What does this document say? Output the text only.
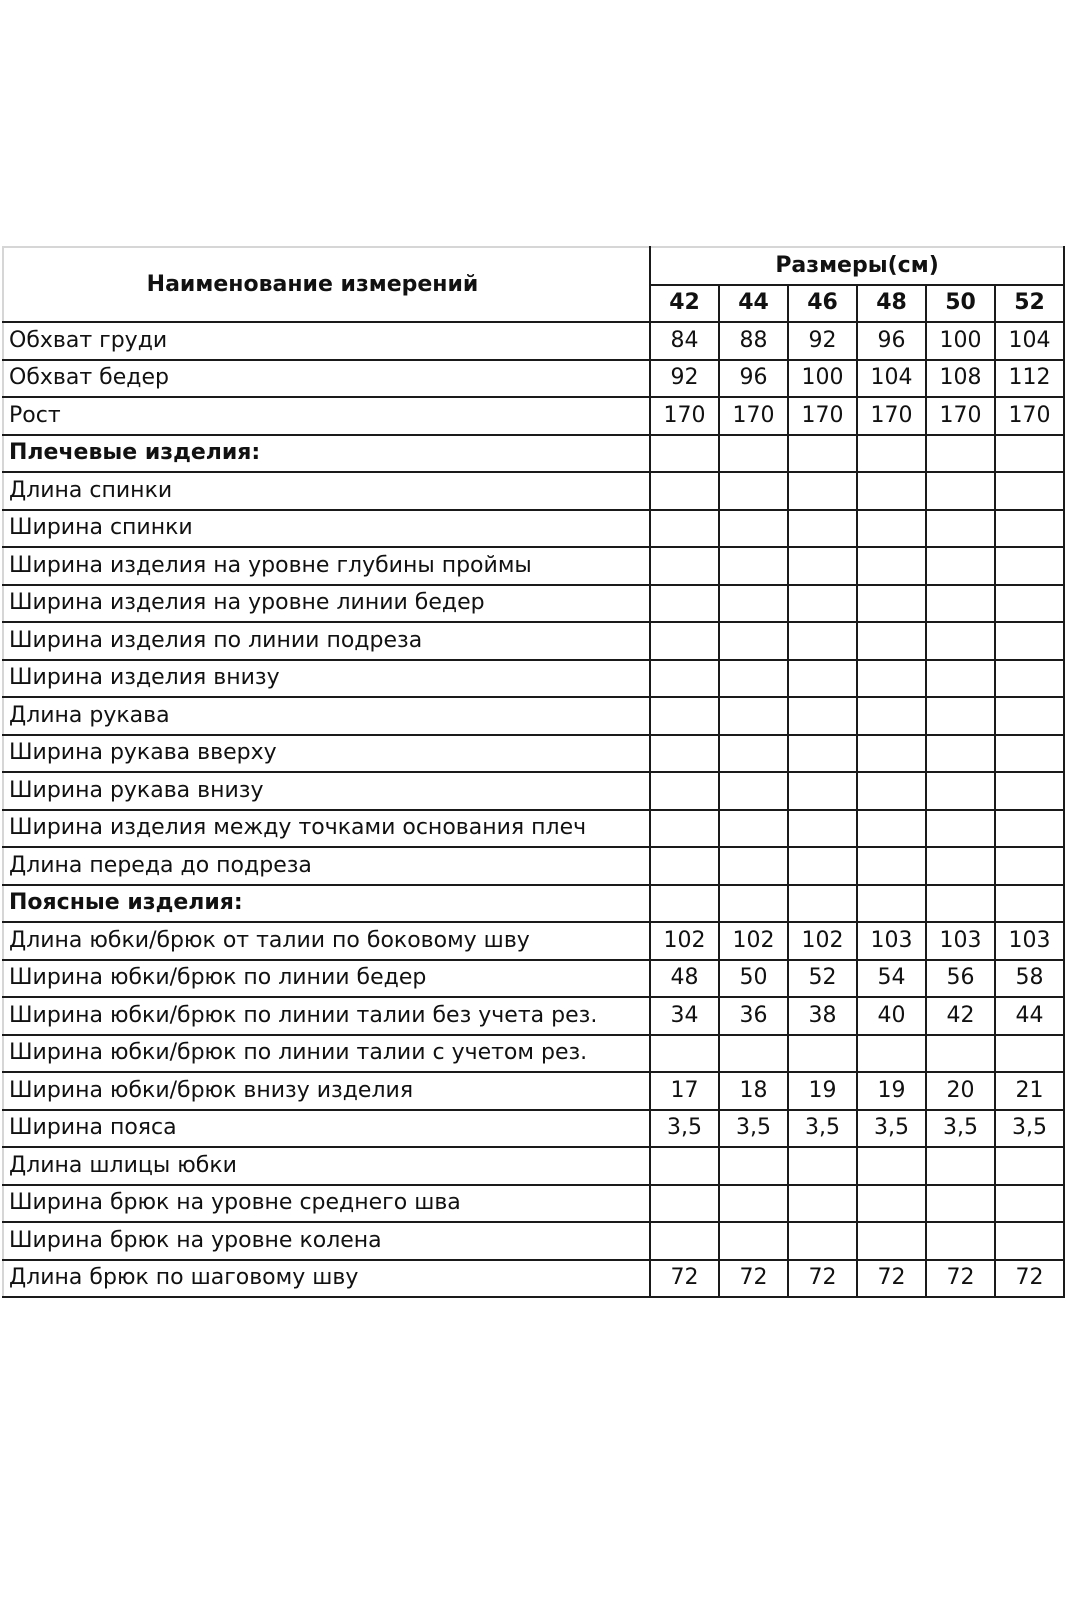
Наименование измерений	Размеры(см)					
	42	44	46	48	50	52
Обхват груди	84	88	92	96	100	104
Обхват бедер	92	96	100	104	108	112
Рост	170	170	170	170	170	170
Плечевые изделия:						
Длина спинки						
Ширина спинки						
Ширина изделия на уровне глубины проймы						
Ширина изделия на уровне линии бедер						
Ширина изделия по линии подреза						
Ширина изделия внизу						
Длина рукава						
Ширина рукава вверху						
Ширина рукава внизу						
Ширина изделия между точками основания плеч						
Длина переда до подреза						
Поясные изделия:						
Длина юбки/брюк от талии по боковому шву	102	102	102	103	103	103
Ширина юбки/брюк по линии бедер	48	50	52	54	56	58
Ширина юбки/брюк по линии талии без учета рез.	34	36	38	40	42	44
Ширина юбки/брюк по линии талии с учетом рез.						
Ширина юбки/брюк внизу изделия	17	18	19	19	20	21
Ширина пояса	3,5	3,5	3,5	3,5	3,5	3,5
Длина шлицы юбки						
Ширина брюк на уровне среднего шва						
Ширина брюк на уровне колена						
Длина брюк по шаговому шву	72	72	72	72	72	72
